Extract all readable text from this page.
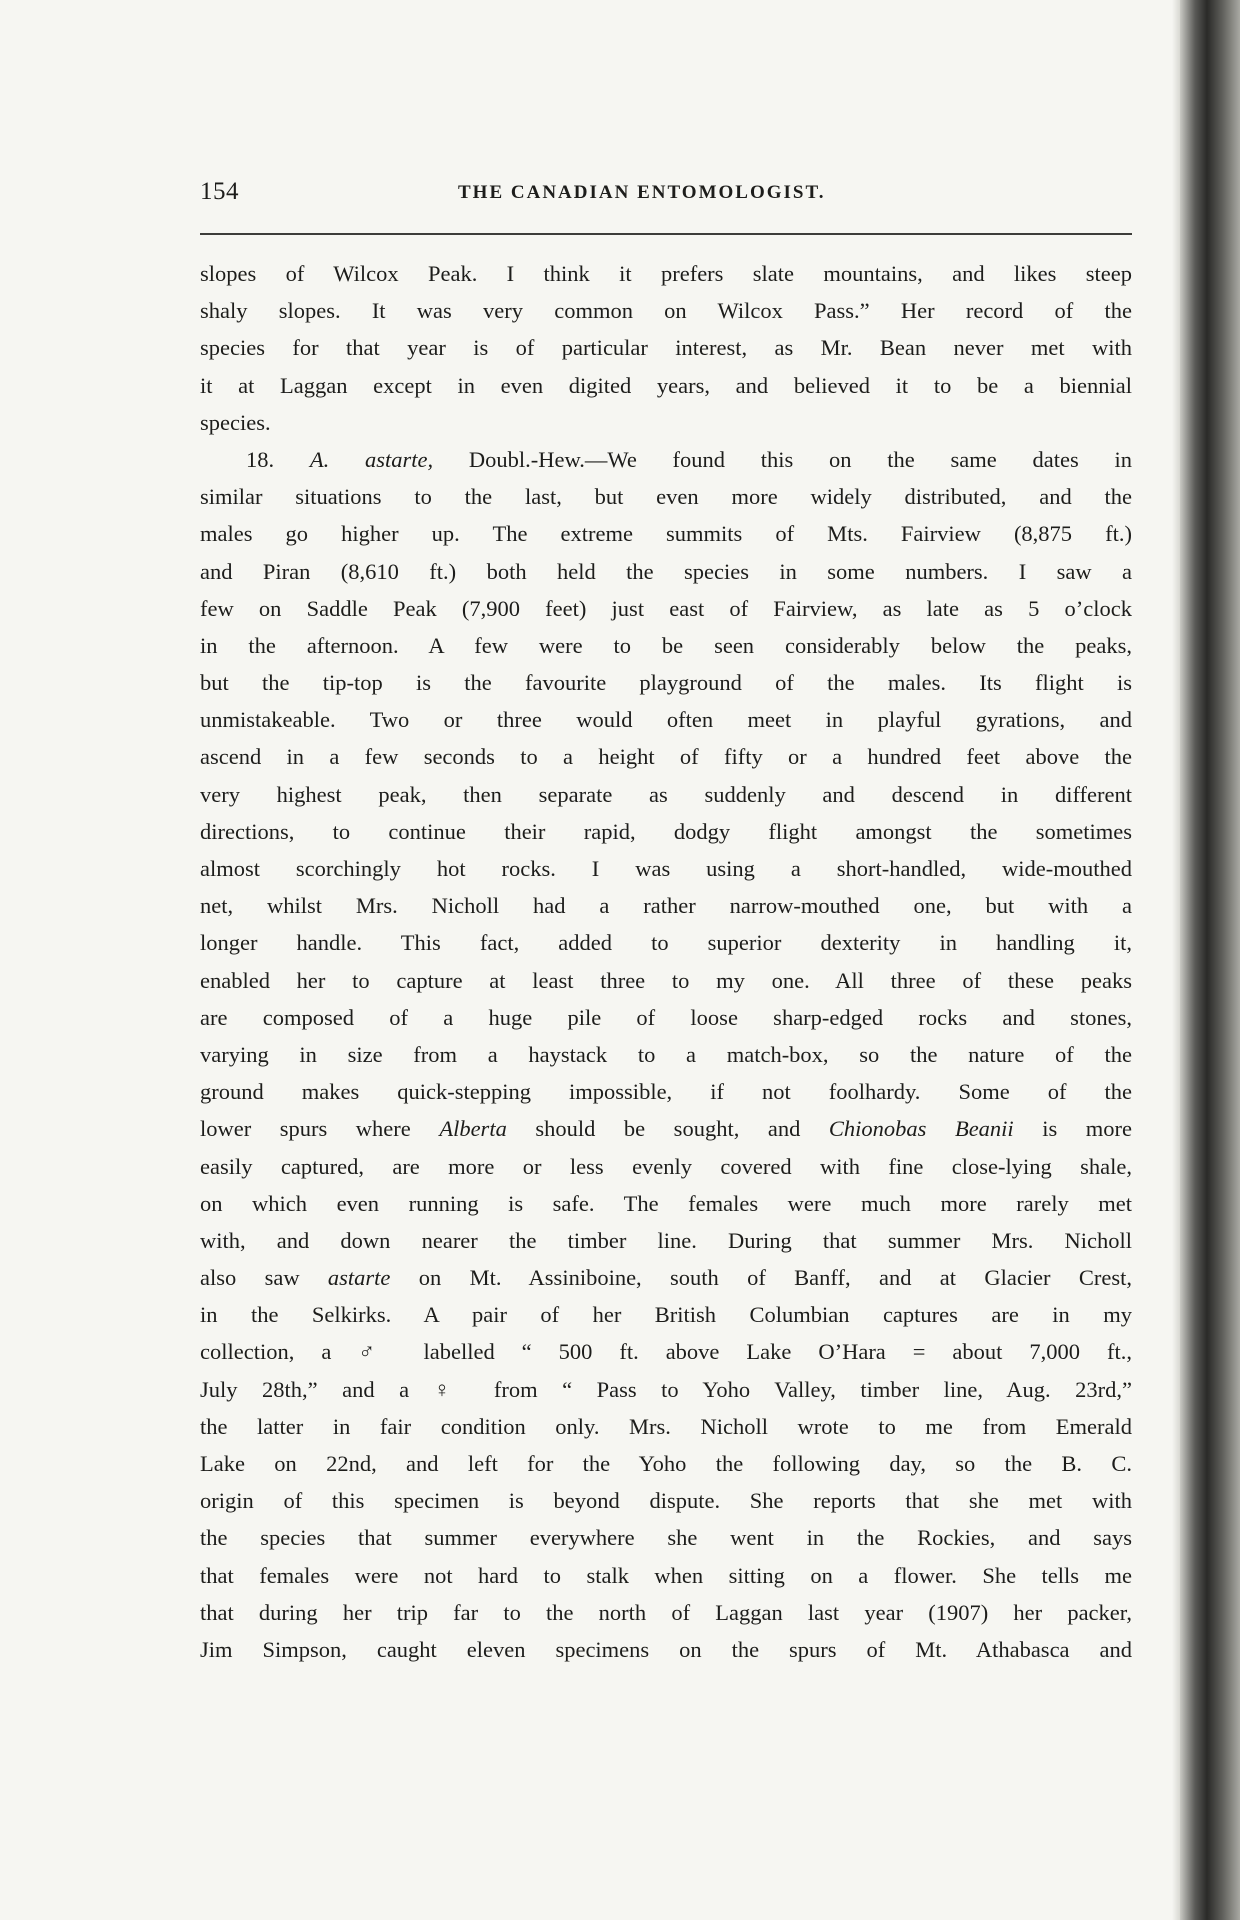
154	THE CANADIAN ENTOMOLOGIST.
slopes of Wilcox Peak. I think it prefers slate mountains, and likes steep
shaly slopes. It was very common on Wilcox Pass.” Her record of the
species for that year is of particular interest, as Mr. Bean never met with
it at Laggan except in even digited years, and believed it to be a biennial
species.
18. A. astarte, Doubl.-Hew.—We found this on the same dates in
similar situations to the last, but even more widely distributed, and the
males go higher up. The extreme summits of Mts. Fairview (8,875 ft.)
and Piran (8,610 ft.) both held the species in some numbers. I saw a
few on Saddle Peak (7,900 feet) just east of Fairview, as late as 5 o’clock
in the afternoon. A few were to be seen considerably below the peaks,
but the tip-top is the favourite playground of the males. Its flight is
unmistakeable. Two or three would often meet in playful gyrations, and
ascend in a few seconds to a height of fifty or a hundred feet above the
very highest peak, then separate as suddenly and descend in different
directions, to continue their rapid, dodgy flight amongst the sometimes
almost scorchingly hot rocks. I was using a short-handled, wide-mouthed
net, whilst Mrs. Nicholl had a rather narrow-mouthed one, but with a
longer handle. This fact, added to superior dexterity in handling it,
enabled her to capture at least three to my one. All three of these peaks
are composed of a huge pile of loose sharp-edged rocks and stones,
varying in size from a haystack to a match-box, so the nature of the
ground makes quick-stepping impossible, if not foolhardy. Some of the
lower spurs where Alberta should be sought, and Chionobas Beanii is more
easily captured, are more or less evenly covered with fine close-lying shale,
on which even running is safe. The females were much more rarely met
with, and down nearer the timber line. During that summer Mrs. Nicholl
also saw astarte on Mt. Assiniboine, south of Banff, and at Glacier Crest,
in the Selkirks. A pair of her British Columbian captures are in my
collection, a ♂ labelled “ 500 ft. above Lake O’Hara = about 7,000 ft.,
July 28th,” and a ♀ from “ Pass to Yoho Valley, timber line, Aug. 23rd,”
the latter in fair condition only. Mrs. Nicholl wrote to me from Emerald
Lake on 22nd, and left for the Yoho the following day, so the B. C.
origin of this specimen is beyond dispute. She reports that she met with
the species that summer everywhere she went in the Rockies, and says
that females were not hard to stalk when sitting on a flower. She tells me
that during her trip far to the north of Laggan last year (1907) her packer,
Jim Simpson, caught eleven specimens on the spurs of Mt. Athabasca and
